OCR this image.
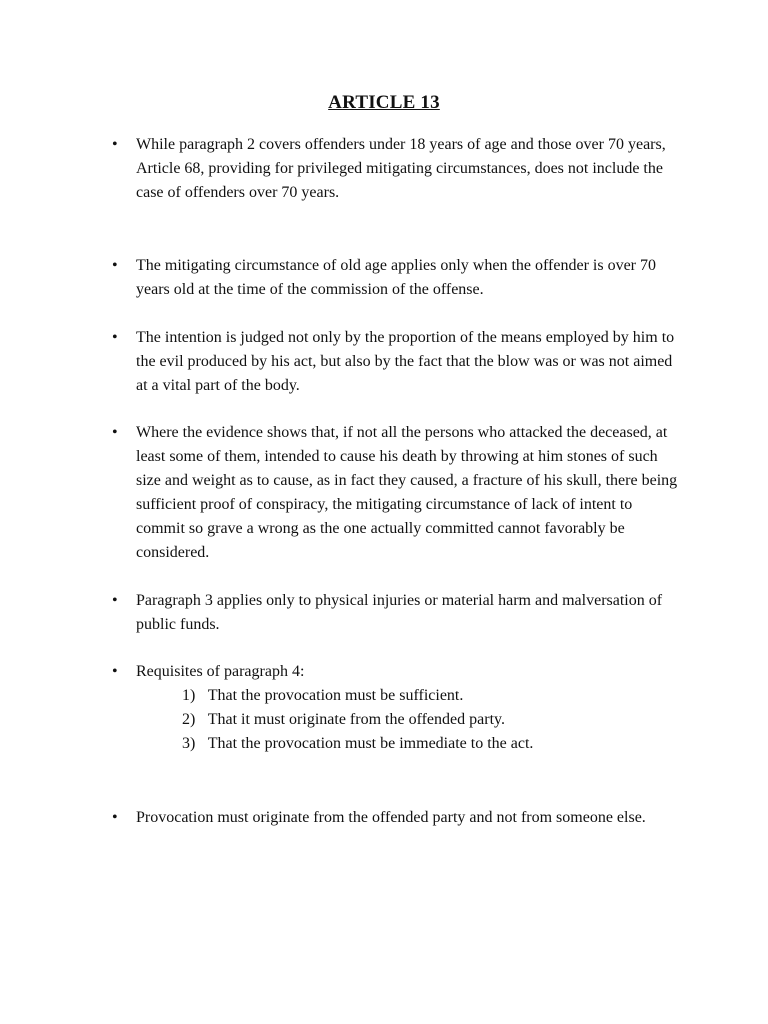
ARTICLE 13
• While paragraph 2 covers offenders under 18 years of age and those over 70 years, Article 68, providing for privileged mitigating circumstances, does not include the case of offenders over 70 years.
• The mitigating circumstance of old age applies only when the offender is over 70 years old at the time of the commission of the offense.
• The intention is judged not only by the proportion of the means employed by him to the evil produced by his act, but also by the fact that the blow was or was not aimed at a vital part of the body.
• Where the evidence shows that, if not all the persons who attacked the deceased, at least some of them, intended to cause his death by throwing at him stones of such size and weight as to cause, as in fact they caused, a fracture of his skull, there being sufficient proof of conspiracy, the mitigating circumstance of lack of intent to commit so grave a wrong as the one actually committed cannot favorably be considered.
• Paragraph 3 applies only to physical injuries or material harm and malversation of public funds.
• Requisites of paragraph 4:
1) That the provocation must be sufficient.
2) That it must originate from the offended party.
3) That the provocation must be immediate to the act.
• Provocation must originate from the offended party and not from someone else.
